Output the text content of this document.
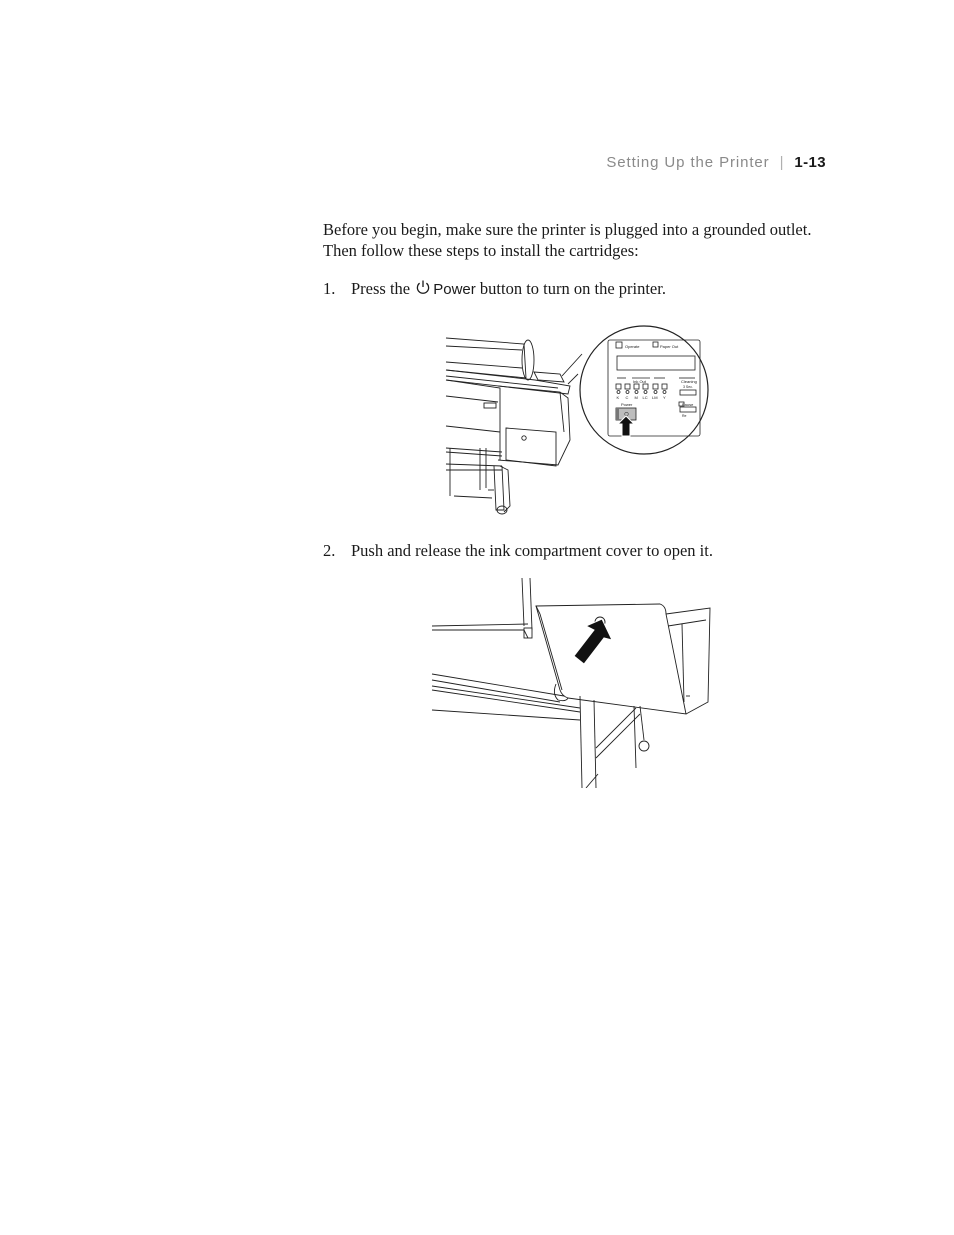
Setting Up the Printer | 1-13

Before you begin, make sure the printer is plugged into a grounded outlet. Then follow these steps to install the cartridges:

1. Press the Power button to turn on the printer.
Operate	Paper Out
Ink Out	Cleaning
3 Sec.
K C M LC LM Y
Power	Pause
Re
2. Push and release the ink compartment cover to open it.
